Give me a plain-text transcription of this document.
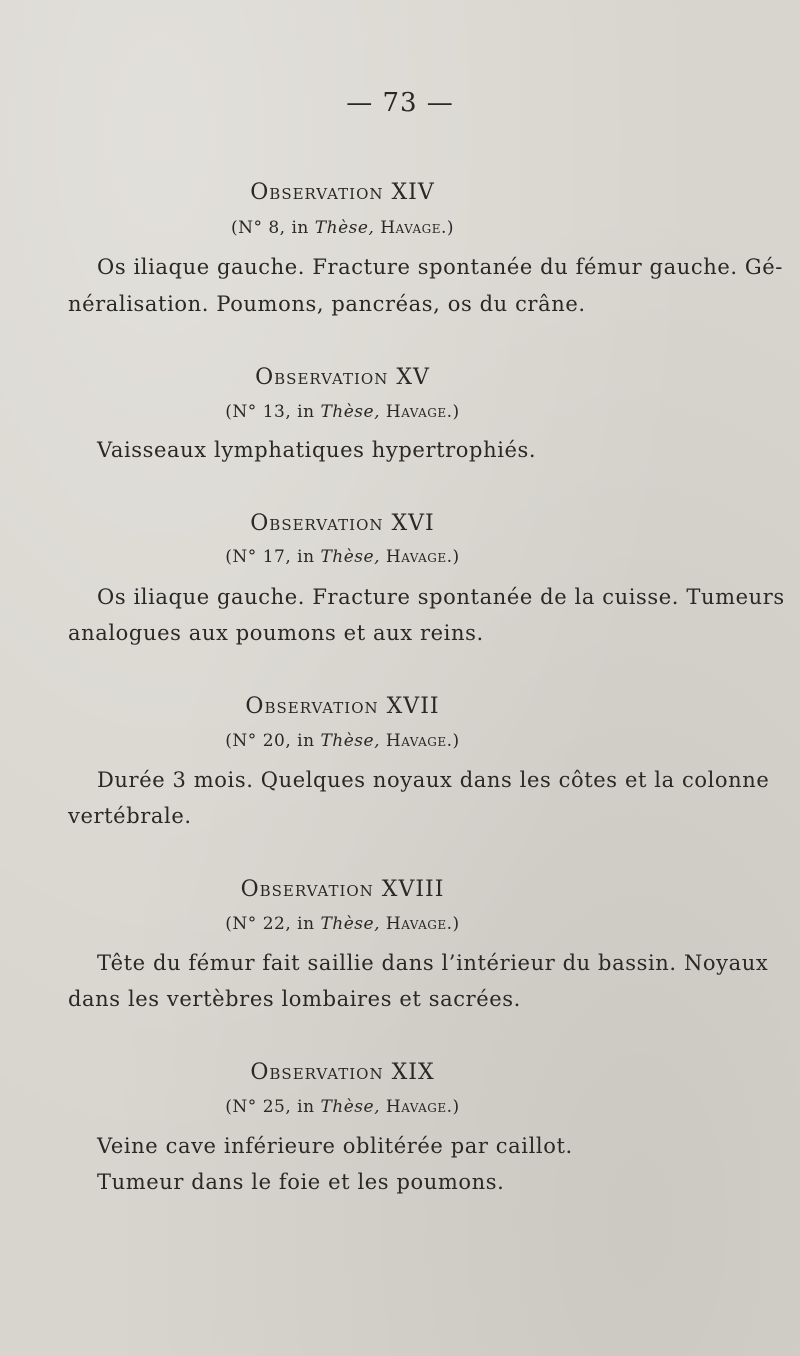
— 73 —
Observation XIV
(N° 8, in Thèse, Havage.)
Os iliaque gauche. Fracture spontanée du fémur gauche. Gé-
néralisation. Poumons, pancréas, os du crâne.
Observation XV
(N° 13, in Thèse, Havage.)
Vaisseaux lymphatiques hypertrophiés.
Observation XVI
(N° 17, in Thèse, Havage.)
Os iliaque gauche. Fracture spontanée de la cuisse. Tumeurs
analogues aux poumons et aux reins.
Observation XVII
(N° 20, in Thèse, Havage.)
Durée 3 mois. Quelques noyaux dans les côtes et la colonne
vertébrale.
Observation XVIII
(N° 22, in Thèse, Havage.)
Tête du fémur fait saillie dans l’intérieur du bassin. Noyaux
dans les vertèbres lombaires et sacrées.
Observation XIX
(N° 25, in Thèse, Havage.)
Veine cave inférieure oblitérée par caillot.
Tumeur dans le foie et les poumons.
